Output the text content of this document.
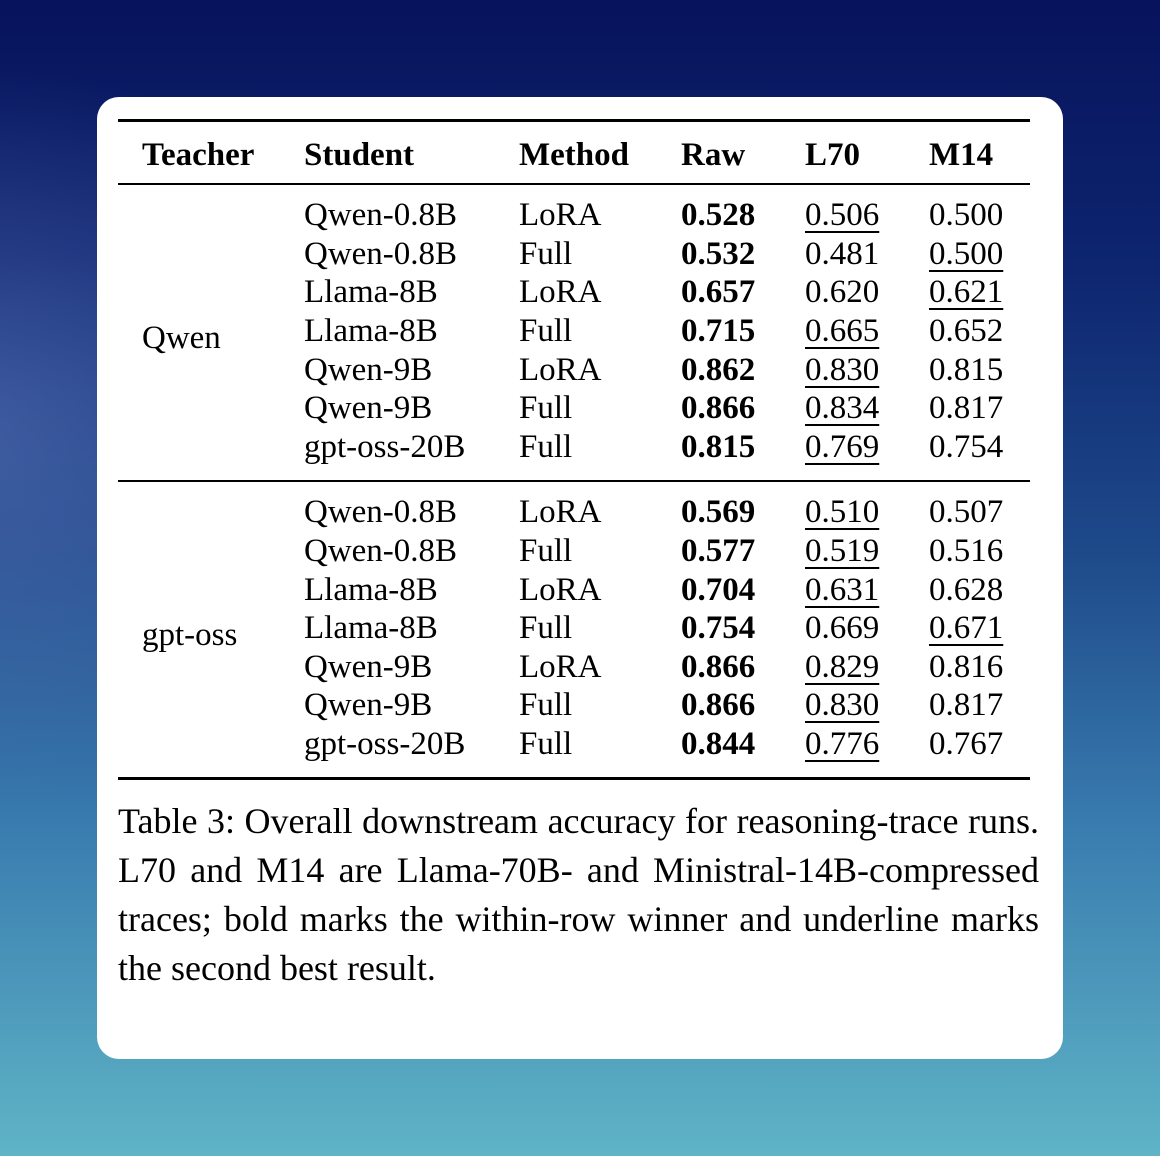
Teacher	Student	Method	Raw	L70	M14
Qwen	Qwen-0.8B	LoRA	0.528	0.506	0.500
	Qwen-0.8B	Full	0.532	0.481	0.500
	Llama-8B	LoRA	0.657	0.620	0.621
	Llama-8B	Full	0.715	0.665	0.652
	Qwen-9B	LoRA	0.862	0.830	0.815
	Qwen-9B	Full	0.866	0.834	0.817
	gpt-oss-20B	Full	0.815	0.769	0.754
gpt-oss	Qwen-0.8B	LoRA	0.569	0.510	0.507
	Qwen-0.8B	Full	0.577	0.519	0.516
	Llama-8B	LoRA	0.704	0.631	0.628
	Llama-8B	Full	0.754	0.669	0.671
	Qwen-9B	LoRA	0.866	0.829	0.816
	Qwen-9B	Full	0.866	0.830	0.817
	gpt-oss-20B	Full	0.844	0.776	0.767
Table 3: Overall downstream accuracy for reasoning-trace runs. L70 and M14 are Llama-70B- and Ministral-14B-compressed traces; bold marks the within-row winner and underline marks the second best result.
